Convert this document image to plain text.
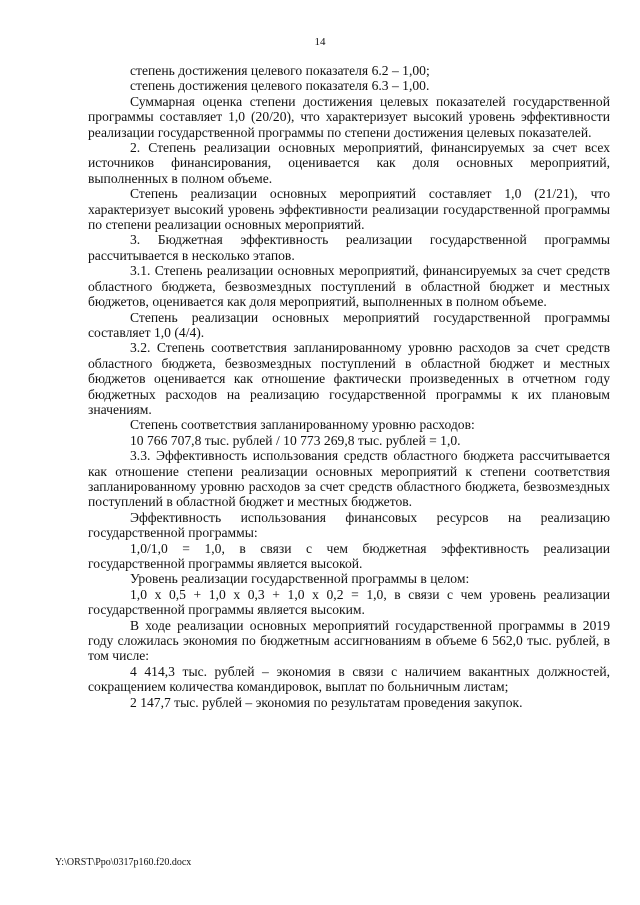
14

степень достижения целевого показателя 6.2 – 1,00;

степень достижения целевого показателя 6.3 – 1,00.

Суммарная оценка степени достижения целевых показателей государственной программы составляет 1,0 (20/20), что характеризует высокий уровень эффективности реализации государственной программы по степени достижения целевых показателей.

2. Степень реализации основных мероприятий, финансируемых за счет всех источников финансирования, оценивается как доля основных мероприятий, выполненных в полном объеме.

Степень реализации основных мероприятий составляет 1,0 (21/21), что характеризует высокий уровень эффективности реализации государственной программы по степени реализации основных мероприятий.

3. Бюджетная эффективность реализации государственной программы рассчитывается в несколько этапов.

3.1. Степень реализации основных мероприятий, финансируемых за счет средств областного бюджета, безвозмездных поступлений в областной бюджет и местных бюджетов, оценивается как доля мероприятий, выполненных в полном объеме.

Степень реализации основных мероприятий государственной программы составляет 1,0 (4/4).

3.2. Степень соответствия запланированному уровню расходов за счет средств областного бюджета, безвозмездных поступлений в областной бюджет и местных бюджетов оценивается как отношение фактически произведенных в отчетном году бюджетных расходов на реализацию государственной программы к их плановым значениям.

Степень соответствия запланированному уровню расходов:

10 766 707,8 тыс. рублей / 10 773 269,8 тыс. рублей = 1,0.

3.3. Эффективность использования средств областного бюджета рассчитывается как отношение степени реализации основных мероприятий к степени соответствия запланированному уровню расходов за счет средств областного бюджета, безвозмездных поступлений в областной бюджет и местных бюджетов.

Эффективность использования финансовых ресурсов на реализацию государственной программы:

1,0/1,0 = 1,0, в связи с чем бюджетная эффективность реализации государственной программы является высокой.

Уровень реализации государственной программы в целом:

1,0 х 0,5 + 1,0 х 0,3 + 1,0 х 0,2 = 1,0, в связи с чем уровень реализации государственной программы является высоким.

В ходе реализации основных мероприятий государственной программы в 2019 году сложилась экономия по бюджетным ассигнованиям в объеме 6 562,0 тыс. рублей, в том числе:

4 414,3 тыс. рублей – экономия в связи с наличием вакантных должностей, сокращением количества командировок, выплат по больничным листам;

2 147,7 тыс. рублей – экономия по результатам проведения закупок.

Y:\ORST\Ppo\0317p160.f20.docx
